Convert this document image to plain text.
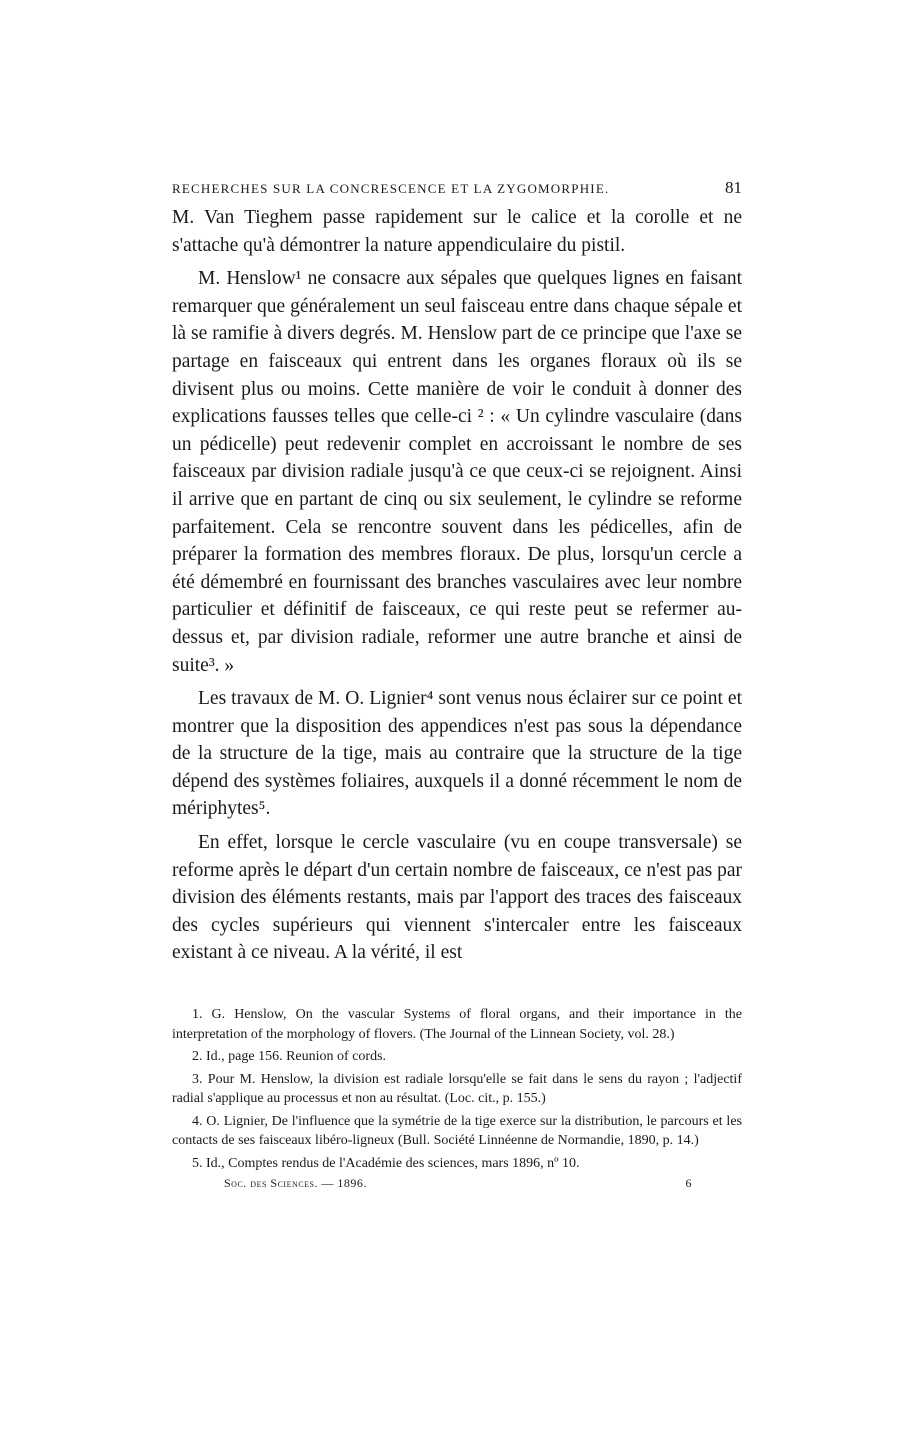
RECHERCHES SUR LA CONCRESCENCE ET LA ZYGOMORPHIE.	81

M. Van Tieghem passe rapidement sur le calice et la corolle et ne s'attache qu'à démontrer la nature appendiculaire du pistil.

M. Henslow¹ ne consacre aux sépales que quelques lignes en faisant remarquer que généralement un seul faisceau entre dans chaque sépale et là se ramifie à divers degrés. M. Henslow part de ce principe que l'axe se partage en faisceaux qui entrent dans les organes floraux où ils se divisent plus ou moins. Cette manière de voir le conduit à donner des explications fausses telles que celle-ci ² : « Un cylindre vasculaire (dans un pédicelle) peut redevenir complet en accroissant le nombre de ses faisceaux par division radiale jusqu'à ce que ceux-ci se rejoignent. Ainsi il arrive que en partant de cinq ou six seulement, le cylindre se reforme parfaitement. Cela se rencontre souvent dans les pédicelles, afin de préparer la formation des membres floraux. De plus, lorsqu'un cercle a été démembré en fournissant des branches vasculaires avec leur nombre particulier et définitif de faisceaux, ce qui reste peut se refermer au-dessus et, par division radiale, reformer une autre branche et ainsi de suite³. »

Les travaux de M. O. Lignier⁴ sont venus nous éclairer sur ce point et montrer que la disposition des appendices n'est pas sous la dépendance de la structure de la tige, mais au contraire que la structure de la tige dépend des systèmes foliaires, auxquels il a donné récemment le nom de mériphytes⁵.

En effet, lorsque le cercle vasculaire (vu en coupe transversale) se reforme après le départ d'un certain nombre de faisceaux, ce n'est pas par division des éléments restants, mais par l'apport des traces des faisceaux des cycles supérieurs qui viennent s'intercaler entre les faisceaux existant à ce niveau. A la vérité, il est

1. G. Henslow, On the vascular Systems of floral organs, and their importance in the interpretation of the morphology of flovers. (The Journal of the Linnean Society, vol. 28.)

2. Id., page 156. Reunion of cords.

3. Pour M. Henslow, la division est radiale lorsqu'elle se fait dans le sens du rayon ; l'adjectif radial s'applique au processus et non au résultat. (Loc. cit., p. 155.)

4. O. Lignier, De l'influence que la symétrie de la tige exerce sur la distribution, le parcours et les contacts de ses faisceaux libéro-ligneux (Bull. Société Linnéenne de Normandie, 1890, p. 14.)

5. Id., Comptes rendus de l'Académie des sciences, mars 1896, nº 10.

Soc. des Sciences. — 1896.	6
